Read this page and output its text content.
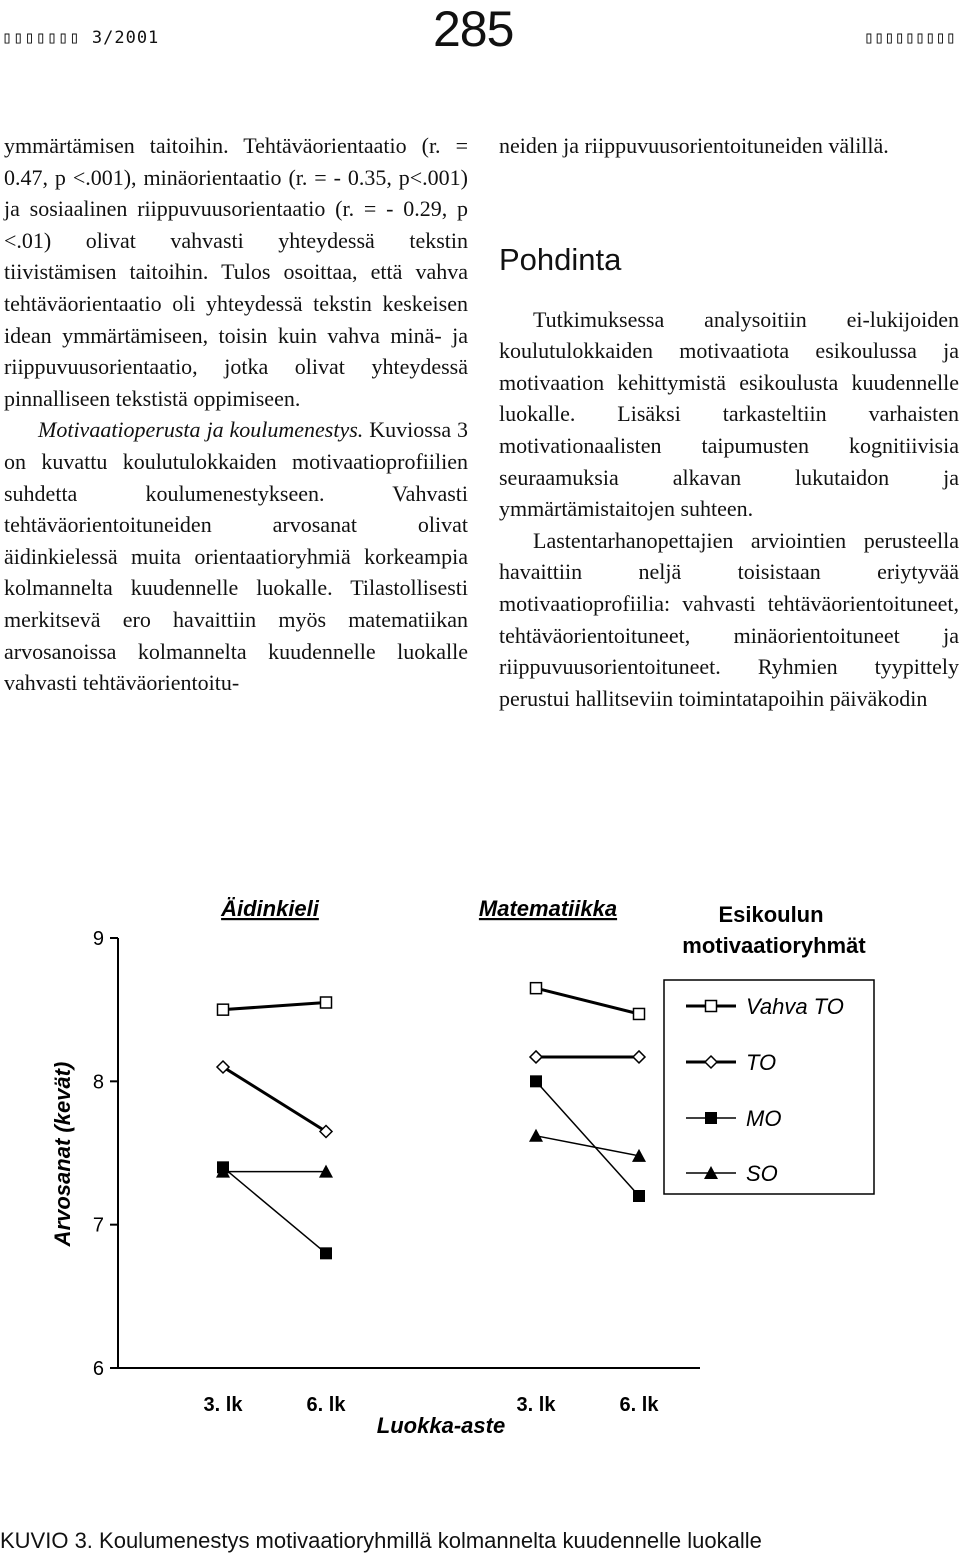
▯▯▯▯▯▯▯ 3/2001	285	▯▯▯▯▯▯▯▯▯

ymmärtämisen taitoihin. Tehtäväorientaatio (r. = 0.47, p <.001), minäorientaatio (r. = - 0.35, p<.001) ja sosiaalinen riippuvuusorientaatio (r. = - 0.29, p <.01) olivat vahvasti yhteydessä tekstin tiivistämisen taitoihin. Tulos osoittaa, että vahva tehtäväorientaatio oli yhteydessä tekstin keskeisen idean ymmärtämiseen, toisin kuin vahva minä- ja riippuvuusorientaatio, jotka olivat yhteydessä pinnalliseen tekstistä oppimiseen.

Motivaatioperusta ja koulumenestys. Kuviossa 3 on kuvattu koulutulokkaiden motivaatioprofiilien suhdetta koulumenestykseen. Vahvasti tehtäväorientoituneiden arvosanat olivat äidinkielessä muita orientaatioryhmiä korkeampia kolmannelta kuudennelle luokalle. Tilastollisesti merkitsevä ero havaittiin myös matematiikan arvosanoissa kolmannelta kuudennelle luokalle vahvasti tehtäväorientoitu-

neiden ja riippuvuusorientoituneiden välillä.

Pohdinta

Tutkimuksessa analysoitiin ei-lukijoiden koulutulokkaiden motivaatiota esikoulussa ja motivaation kehittymistä esikoulusta kuudennelle luokalle. Lisäksi tarkasteltiin varhaisten motivationaalisten taipumusten kognitiivisia seuraamuksia alkavan lukutaidon ja ymmärtämistaitojen suhteen.

Lastentarhanopettajien arviointien perusteella havaittiin neljä toisistaan eriytyvää motivaatioprofiilia: vahvasti tehtäväorientoituneet, tehtäväorientoituneet, minäorientoituneet ja riippuvuusorientoituneet. Ryhmien tyypittely perustui hallitseviin toimintatapoihin päiväkodin

6
7
8
9
Arvosanat (kevät)
3. lk	6. lk
Äidinkieli
3. lk	6. lk
Matematiikka
Luokka-aste
Esikoulun
motivaatioryhmät
Vahva TO
TO
MO
SO
KUVIO 3. Koulumenestys motivaatioryhmillä kolmannelta kuudennelle luokalle
